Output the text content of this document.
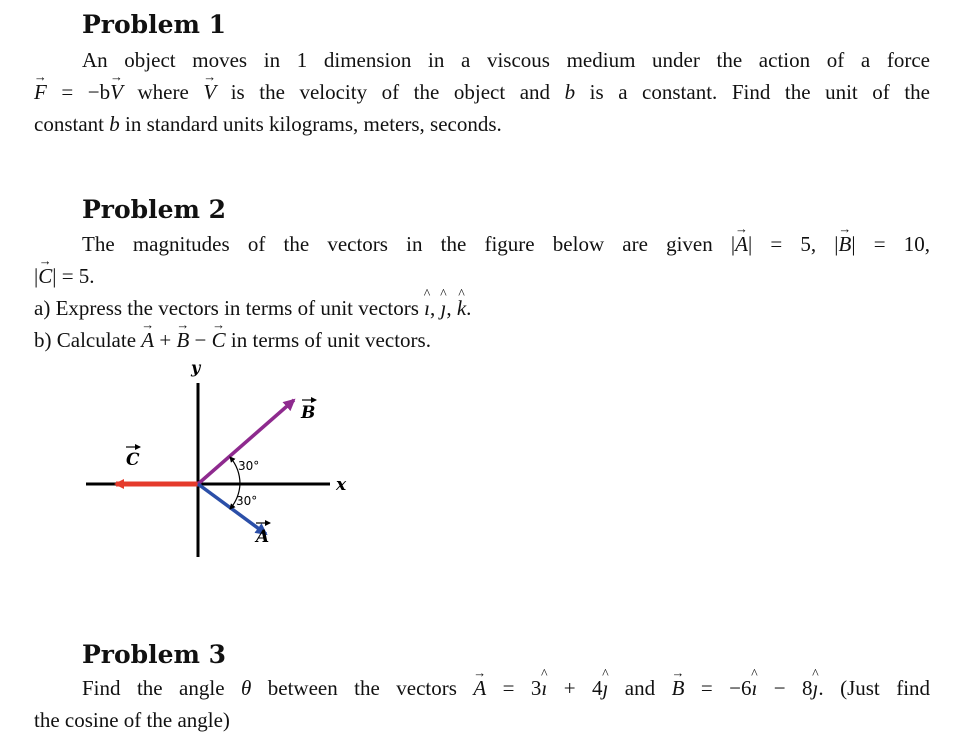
Problem 1
An object moves in 1 dimension in a viscous medium under the action of a force
→ F = −b→ V where → V is the velocity of the object and b is a constant. Find the unit of the
constant b in standard units kilograms, meters, seconds.
Problem 2
The magnitudes of the vectors in the figure below are given |→ A| = 5, |→ B| = 10,
|→ C| = 5.
a) Express the vectors in terms of unit vectors ^ ı, ^ ȷ, ^ k.
b) Calculate → A + → B − → C in terms of unit vectors.
y
x
30°
30°
B
C
A
Problem 3
Find the angle θ between the vectors → A = 3^ ı + 4^ ȷ and → B = −6^ ı − 8^ ȷ. (Just find
the cosine of the angle)
